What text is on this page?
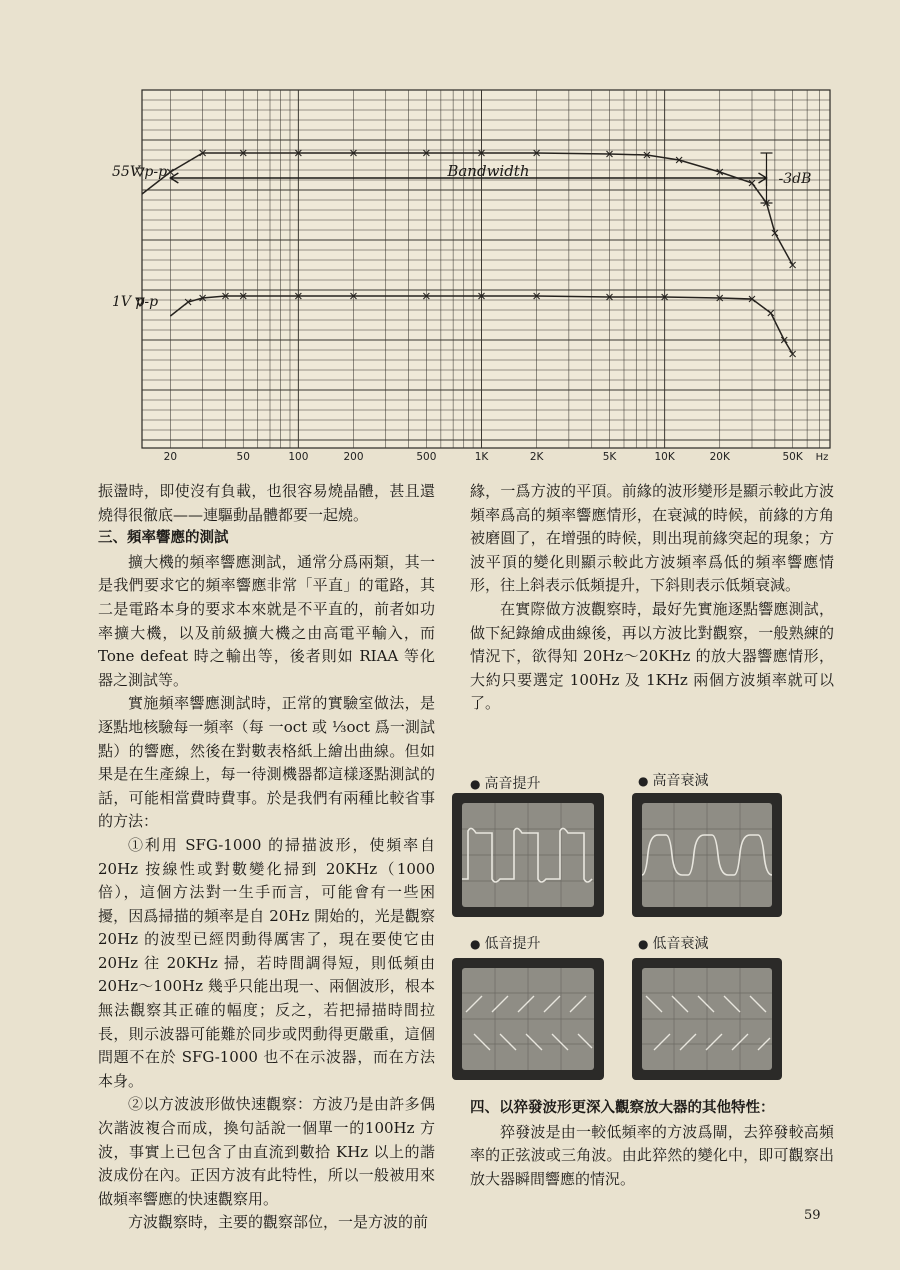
Bandwidth	-3dB
55V p-p
1V p-p
20	50	100	200	500	1K	2K	5K	10K	20K	50K Hz

振盪時，即使沒有負載，也很容易燒晶體，甚且還燒得很徹底——連驅動晶體都要一起燒。

三、頻率響應的測試

擴大機的頻率響應測試，通常分爲兩類，其一是我們要求它的頻率響應非常「平直」的電路，其二是電路本身的要求本來就是不平直的，前者如功率擴大機，以及前級擴大機之由高電平輸入，而 Tone defeat 時之輸出等，後者則如 RIAA 等化器之測試等。

實施頻率響應測試時，正常的實驗室做法，是逐點地核驗每一頻率（每 一oct 或 ⅓oct 爲一測試點）的響應，然後在對數表格紙上繪出曲線。但如果是在生產線上，每一待測機器都這樣逐點測試的話，可能相當費時費事。於是我們有兩種比較省事的方法：

①利用 SFG-1000 的掃描波形，使頻率自 20Hz 按線性或對數變化掃到 20KHz（1000倍），這個方法對一生手而言，可能會有一些困擾，因爲掃描的頻率是自 20Hz 開始的，光是觀察 20Hz 的波型已經閃動得厲害了，現在要使它由 20Hz 往 20KHz 掃，若時間調得短，則低頻由 20Hz～100Hz 幾乎只能出現一、兩個波形，根本無法觀察其正確的幅度；反之，若把掃描時間拉長，則示波器可能難於同步或閃動得更嚴重，這個問題不在於 SFG-1000 也不在示波器，而在方法本身。

②以方波波形做快速觀察：方波乃是由許多偶次諧波複合而成，換句話說一個單一的100Hz 方波，事實上已包含了由直流到數拾 KHz 以上的諧波成份在內。正因方波有此特性，所以一般被用來做頻率響應的快速觀察用。

方波觀察時，主要的觀察部位，一是方波的前

緣，一爲方波的平頂。前緣的波形變形是顯示較此方波頻率爲高的頻率響應情形，在衰減的時候，前緣的方角被磨圓了，在增强的時候，則出現前緣突起的現象；方波平頂的變化則顯示較此方波頻率爲低的頻率響應情形，往上斜表示低頻提升，下斜則表示低頻衰減。

在實際做方波觀察時，最好先實施逐點響應測試，做下紀錄繪成曲線後，再以方波比對觀察，一般熟練的情況下，欲得知 20Hz～20KHz 的放大器響應情形，大約只要選定 100Hz 及 1KHz 兩個方波頻率就可以了。

四、以猝發波形更深入觀察放大器的其他特性：

猝發波是由一較低頻率的方波爲閘，去猝發較高頻率的正弦波或三角波。由此猝然的變化中，即可觀察出放大器瞬間響應的情況。

● 高音提升	● 高音衰減
● 低音提升	● 低音衰減
59
